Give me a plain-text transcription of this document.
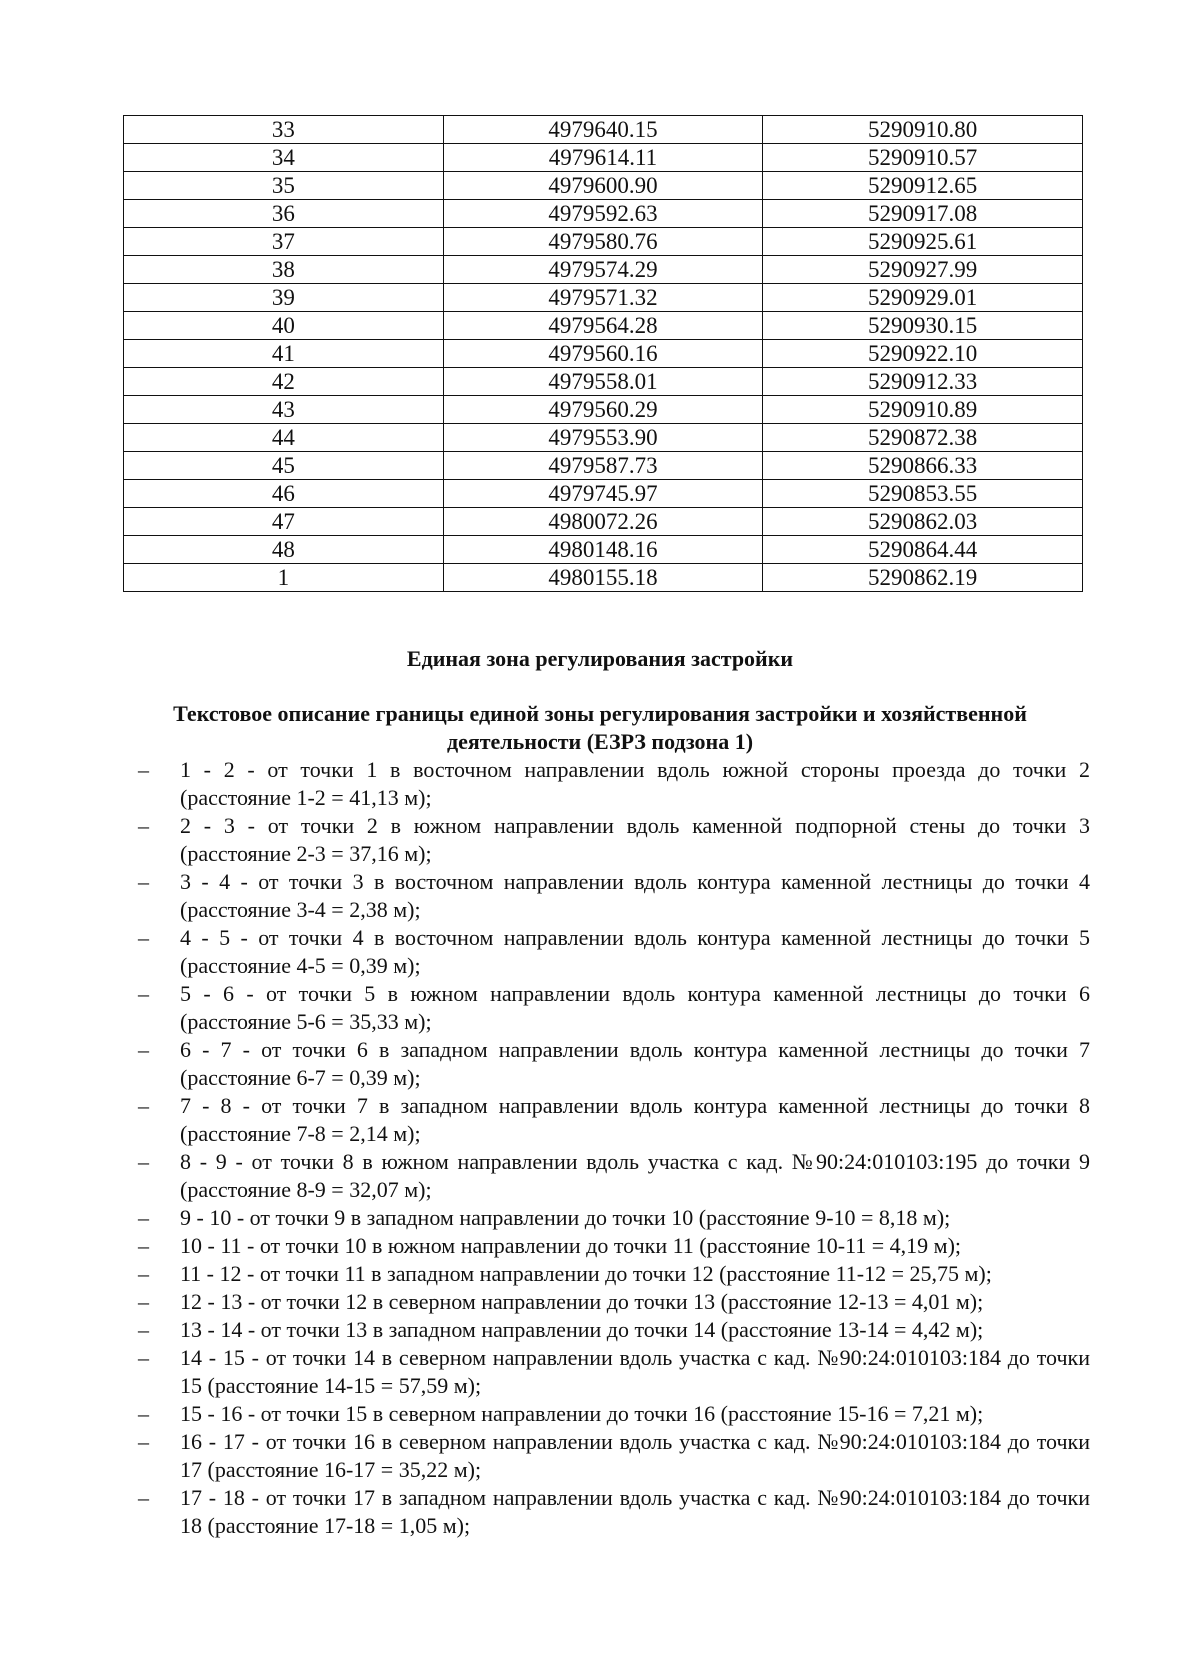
33	4979640.15	5290910.80
34	4979614.11	5290910.57
35	4979600.90	5290912.65
36	4979592.63	5290917.08
37	4979580.76	5290925.61
38	4979574.29	5290927.99
39	4979571.32	5290929.01
40	4979564.28	5290930.15
41	4979560.16	5290922.10
42	4979558.01	5290912.33
43	4979560.29	5290910.89
44	4979553.90	5290872.38
45	4979587.73	5290866.33
46	4979745.97	5290853.55
47	4980072.26	5290862.03
48	4980148.16	5290864.44
1	4980155.18	5290862.19
Единая зона регулирования застройки
Текстовое описание границы единой зоны регулирования застройки и хозяйственной деятельности (ЕЗРЗ подзона 1)
– 1 - 2 - от точки 1 в восточном направлении вдоль южной стороны проезда до точки 2 (расстояние 1-2 = 41,13 м);
– 2 - 3 - от точки 2 в южном направлении вдоль каменной подпорной стены до точки 3 (расстояние 2-3 = 37,16 м);
– 3 - 4 - от точки 3 в восточном направлении вдоль контура каменной лестницы до точки 4 (расстояние 3-4 = 2,38 м);
– 4 - 5 - от точки 4 в восточном направлении вдоль контура каменной лестницы до точки 5 (расстояние 4-5 = 0,39 м);
– 5 - 6 - от точки 5 в южном направлении вдоль контура каменной лестницы до точки 6 (расстояние 5-6 = 35,33 м);
– 6 - 7 - от точки 6 в западном направлении вдоль контура каменной лестницы до точки 7 (расстояние 6-7 = 0,39 м);
– 7 - 8 - от точки 7 в западном направлении вдоль контура каменной лестницы до точки 8 (расстояние 7-8 = 2,14 м);
– 8 - 9 - от точки 8 в южном направлении вдоль участка с кад. №90:24:010103:195 до точки 9 (расстояние 8-9 = 32,07 м);
– 9 - 10 - от точки 9 в западном направлении до точки 10 (расстояние 9-10 = 8,18 м);
– 10 - 11 - от точки 10 в южном направлении до точки 11 (расстояние 10-11 = 4,19 м);
– 11 - 12 - от точки 11 в западном направлении до точки 12 (расстояние 11-12 = 25,75 м);
– 12 - 13 - от точки 12 в северном направлении до точки 13 (расстояние 12-13 = 4,01 м);
– 13 - 14 - от точки 13 в западном направлении до точки 14 (расстояние 13-14 = 4,42 м);
– 14 - 15 - от точки 14 в северном направлении вдоль участка с кад. №90:24:010103:184 до точки 15 (расстояние 14-15 = 57,59 м);
– 15 - 16 - от точки 15 в северном направлении до точки 16 (расстояние 15-16 = 7,21 м);
– 16 - 17 - от точки 16 в северном направлении вдоль участка с кад. №90:24:010103:184 до точки 17 (расстояние 16-17 = 35,22 м);
– 17 - 18 - от точки 17 в западном направлении вдоль участка с кад. №90:24:010103:184 до точки 18 (расстояние 17-18 = 1,05 м);
